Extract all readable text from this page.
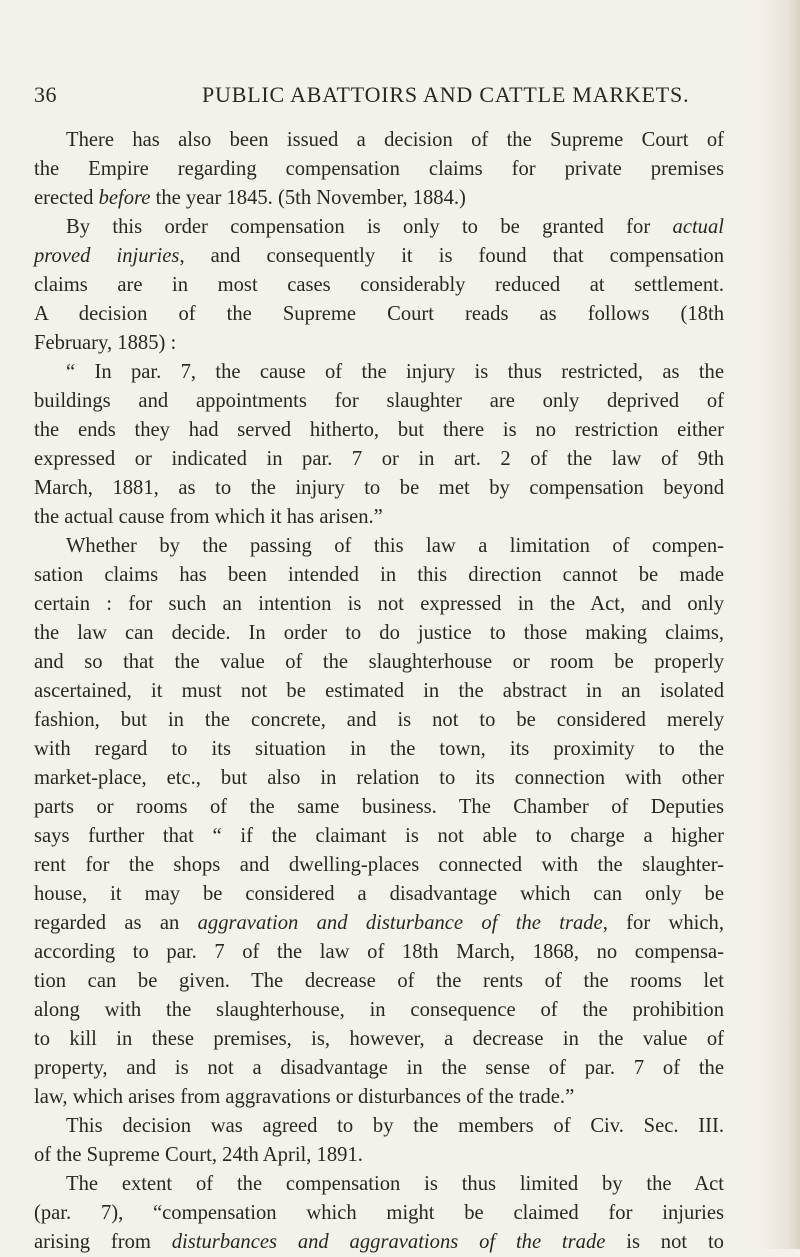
36	PUBLIC ABATTOIRS AND CATTLE MARKETS.
There has also been issued a decision of the Supreme Court of
the Empire regarding compensation claims for private premises
erected before the year 1845. (5th November, 1884.)
By this order compensation is only to be granted for actual
proved injuries, and consequently it is found that compensation
claims are in most cases considerably reduced at settlement.
A decision of the Supreme Court reads as follows (18th
February, 1885) :
“ In par. 7, the cause of the injury is thus restricted, as the
buildings and appointments for slaughter are only deprived of
the ends they had served hitherto, but there is no restriction either
expressed or indicated in par. 7 or in art. 2 of the law of 9th
March, 1881, as to the injury to be met by compensation beyond
the actual cause from which it has arisen.”
Whether by the passing of this law a limitation of compen-
sation claims has been intended in this direction cannot be made
certain : for such an intention is not expressed in the Act, and only
the law can decide. In order to do justice to those making claims,
and so that the value of the slaughterhouse or room be properly
ascertained, it must not be estimated in the abstract in an isolated
fashion, but in the concrete, and is not to be considered merely
with regard to its situation in the town, its proximity to the
market-place, etc., but also in relation to its connection with other
parts or rooms of the same business. The Chamber of Deputies
says further that “ if the claimant is not able to charge a higher
rent for the shops and dwelling-places connected with the slaughter-
house, it may be considered a disadvantage which can only be
regarded as an aggravation and disturbance of the trade, for which,
according to par. 7 of the law of 18th March, 1868, no compensa-
tion can be given. The decrease of the rents of the rooms let
along with the slaughterhouse, in consequence of the prohibition
to kill in these premises, is, however, a decrease in the value of
property, and is not a disadvantage in the sense of par. 7 of the
law, which arises from aggravations or disturbances of the trade.”
This decision was agreed to by the members of Civ. Sec. III.
of the Supreme Court, 24th April, 1891.
The extent of the compensation is thus limited by the Act
(par. 7), “compensation which might be claimed for injuries
arising from disturbances and aggravations of the trade is not to
